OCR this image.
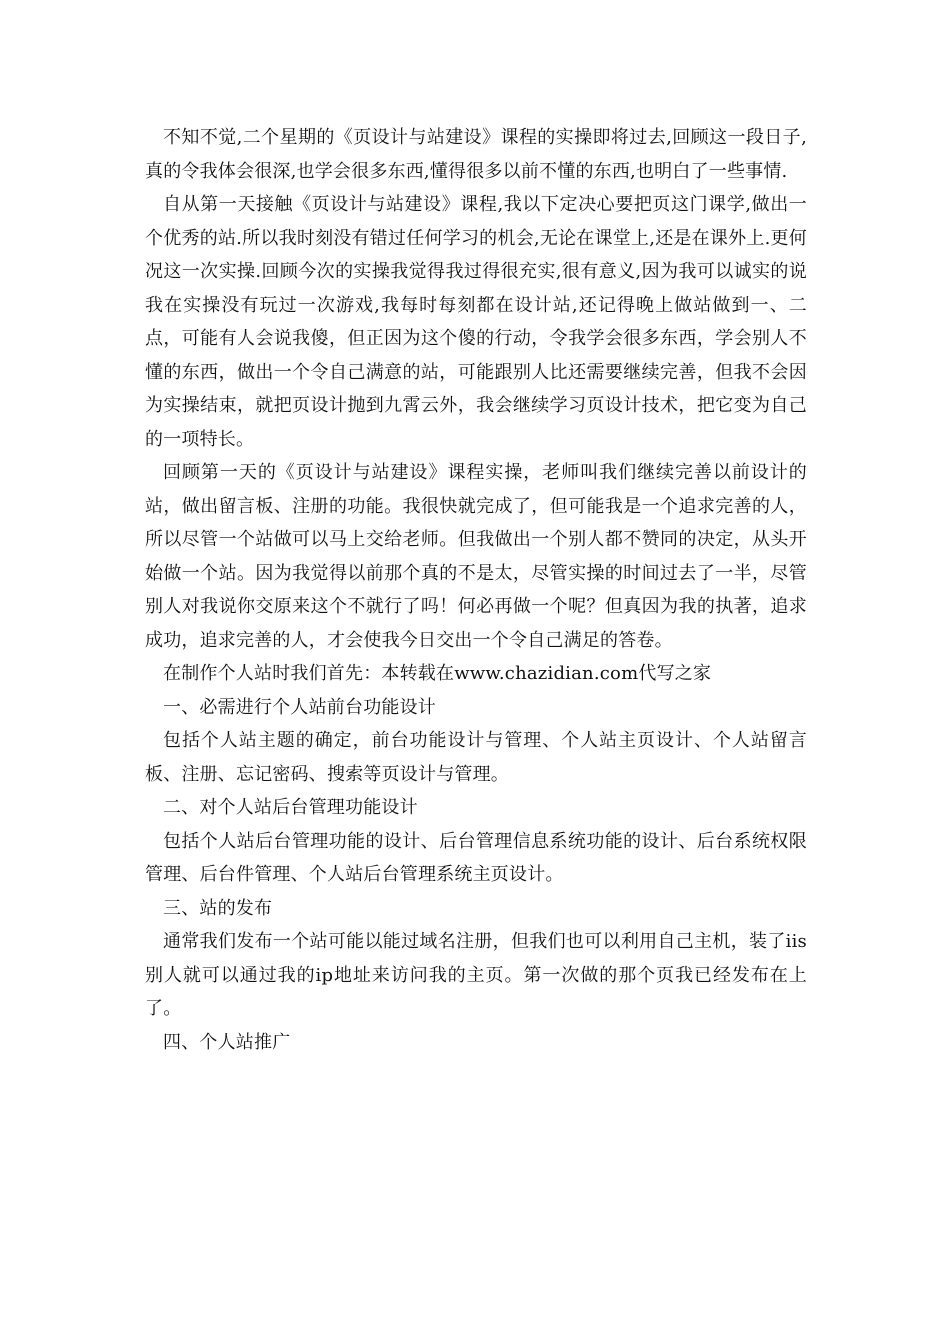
不知不觉,二个星期的《页设计与站建设》课程的实操即将过去,回顾这一段日子,真的令我体会很深,也学会很多东西,懂得很多以前不懂的东西,也明白了一些事情.

自从第一天接触《页设计与站建设》课程,我以下定决心要把页这门课学,做出一个优秀的站.所以我时刻没有错过任何学习的机会,无论在课堂上,还是在课外上.更何况这一次实操.回顾今次的实操我觉得我过得很充实,很有意义,因为我可以诚实的说我在实操没有玩过一次游戏,我每时每刻都在设计站,还记得晚上做站做到一、二点，可能有人会说我傻，但正因为这个傻的行动，令我学会很多东西，学会别人不懂的东西，做出一个令自己满意的站，可能跟别人比还需要继续完善，但我不会因为实操结束，就把页设计抛到九霄云外，我会继续学习页设计技术，把它变为自己的一项特长。

回顾第一天的《页设计与站建设》课程实操，老师叫我们继续完善以前设计的站，做出留言板、注册的功能。我很快就完成了，但可能我是一个追求完善的人，所以尽管一个站做可以马上交给老师。但我做出一个别人都不赞同的决定，从头开始做一个站。因为我觉得以前那个真的不是太，尽管实操的时间过去了一半，尽管别人对我说你交原来这个不就行了吗！何必再做一个呢？但真因为我的执著，追求成功，追求完善的人，才会使我今日交出一个令自己满足的答卷。

在制作个人站时我们首先：本转载在www.chazidian.com代写之家

一、必需进行个人站前台功能设计

包括个人站主题的确定，前台功能设计与管理、个人站主页设计、个人站留言板、注册、忘记密码、搜索等页设计与管理。

二、对个人站后台管理功能设计

包括个人站后台管理功能的设计、后台管理信息系统功能的设计、后台系统权限管理、后台件管理、个人站后台管理系统主页设计。

三、站的发布

通常我们发布一个站可能以能过域名注册，但我们也可以利用自己主机，装了iis别人就可以通过我的ip地址来访问我的主页。第一次做的那个页我已经发布在上了。

四、个人站推广
